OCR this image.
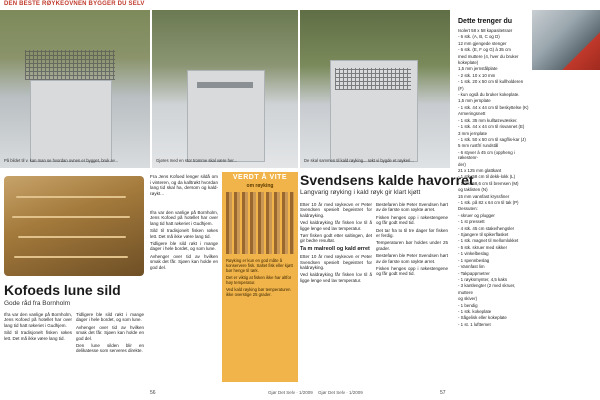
DEN BESTE RØYKEOVNEN BYGGER DU SELV
På bildet til v. kan man se hvordan ovnen er bygget, bruk av...	Gjøres med en stor tromme skal være her...	De skal sammen til kald røyking... røkt vi bygde et røykeri...
Dette trenger du

Isolert 58 x 58 kapasitetsrør

- 6 stk. (A, B, C og D)

12 mm gjengede stenger

- 6 stk. (E, F og G) à 35 cm

med muttere (4, hver du bruker

kokeplate)

1,5 mm jernstålplate

- 2 stk. 10 x 10 mm

- 1 stk. 20 x 50 cm til kullholderen

(F)

- kun også du bruker kokeplate.

1,5 mm jernplate

- 1 stk. 44 x 44 cm til beskyttelse (K)

Armeringsnett

- 1 stk. 35 mm kulltøzevæsker.

- 1 stk. 44 x 44 cm til risvannet (E)

3 mm jernplate

- 1 stk. 50 x 50 cm til sagflis-kar (J)

5 mm rustfrí rundstål

- 6 styver à 45 cm (oppheng i røkestenr-

der)

21 x 125 mm glattkant

- 1 stk. 58 cm til dekk-lokk (L)

- 1 stk. 58,6 cm til bremsen (M)

og taklisten (N)

15 mm vannfast kryssfiner

- 1 stk. på 82 x 64 cm til tak (P)

Dessuten:

- skruer og plugger

- 1 st pressett

- 4 stk. 45 cm stake/hengsler

- Sjangere til spikerflasket

- 1 stk. magnet til mellomlokket

- 5 stk. skruer med sikker

- 1 vinkelbeslag

- 1 spennbeslag

- Vannfast lim

- Takpappmetrer

- 1 røyksmynter, 4,5 kaks

- 3 kantlengter (2 med skruer,

muttere

og skiver)

- 1 bendig

- 1 stk. kokeplate

- Sågelisk eller kokeplate

- 1 st. 1 lufttemet

Kofoeds lune sild
Gode råd fra Bornholm

Ifra var den vanlige på Bornholm, Jens Kofoed på hotellet har over lang tid hatt røkeriet i Gudhjem.

Sild til tradisjonelt fisken røkes lett. Det må ikke være lang tid.

Tidligere ble sild røkt i mange dager i hele bordet, og som lune.

Avhenger over tid av hvilken smak det får. Sjøen kan holde en god del.

Den lune silden blir en delikatesse som serveres direkte.

Fra Jens Kofoed lenger sildå om i vinteren, og da kalltrøkt hvordan lang tid skal ha, dersom og kald-røykt...

Ifra var den vanlige på Bornholm, Jens Kofoed på hotellet har over lang tid hatt røkeriet i Gudhjem.

Sild til tradisjonelt fisken røkes lett. Det må ikke være lang tid.

Tidligere ble sild røkt i mange dager i hele bordet, og som lune.

Avhenger over tid av hvilken smak det får. Sjøen kan holde en god del.

VERDT Å VITE
om røyking

Røyking er kun en god måte å konservere fisk. Saltet fisk eller kjøtt bør henge til tørk.

Det er viktig at fisken ikke har altfor høy temperatur.

Ved kald røyking bør temperaturen ikke overstige 25 grader.

Svendsens kalde havorret
Langvarig røyking i kald røyk gir klart kjøtt

Etter 10 år med røykeovn er Peter Svendsen spesielt begeistret for kaldrøyking.

Ved kaldrøyking får fisken lov til å ligge lenge ved lav temperatur.

Tørr fisken godt etter saltingen, det gir bedre resultat.

Ta m malreoll og kald ørret

Etter 10 år med røykeovn er Peter Svendsen spesielt begeistret for kaldrøyking.

Ved kaldrøyking får fisken lov til å ligge lenge ved lav temperatur.

Bestefaren ble Peter Svendsen hørt av de første som røykte ørret.

Fisken henges opp i røkestengene og får godt med tid.

Det tar fra to til tre dager før fisken er ferdig.

Temperaturen bør holdes under 25 grader.

Bestefaren ble Peter Svendsen hørt av de første som røykte ørret.

Fisken henges opp i røkestengene og får godt med tid.

56	Gjør Det Selv · 1/2009 Gjør Det Selv · 1/2009	57
